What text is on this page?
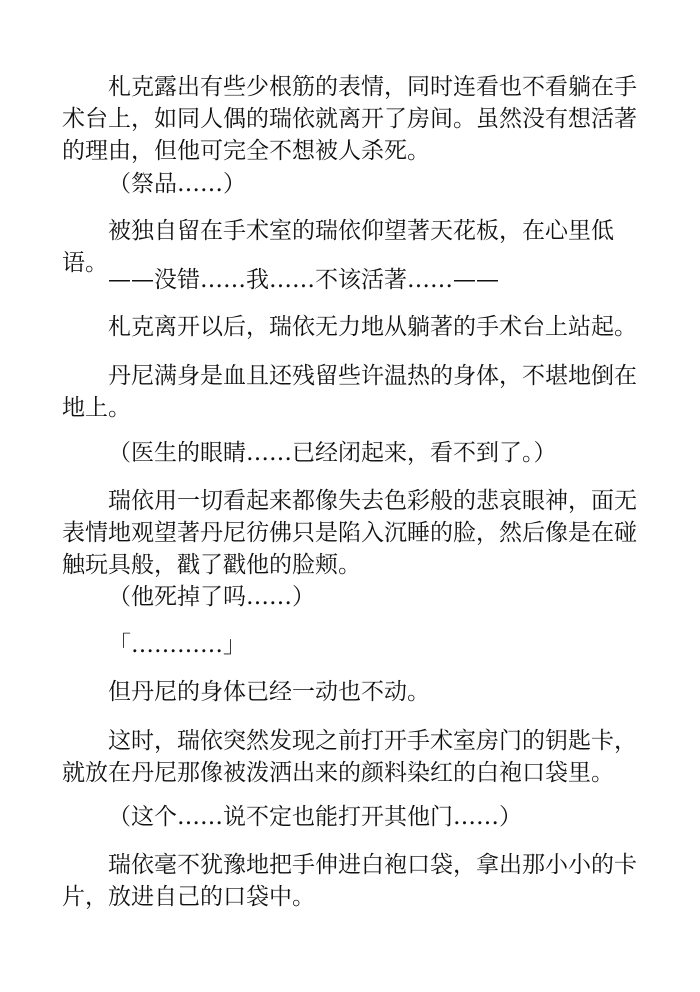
札克露出有些少根筋的表情，同时连看也不看躺在手术台上，如同人偶的瑞依就离开了房间。虽然没有想活著的理由，但他可完全不想被人杀死。

（祭品……）

被独自留在手术室的瑞依仰望著天花板，在心里低语。

——没错……我……不该活著……——

札克离开以后，瑞依无力地从躺著的手术台上站起。

丹尼满身是血且还残留些许温热的身体，不堪地倒在地上。

（医生的眼睛……已经闭起来，看不到了。）

瑞依用一切看起来都像失去色彩般的悲哀眼神，面无表情地观望著丹尼彷佛只是陷入沉睡的脸，然后像是在碰触玩具般，戳了戳他的脸颊。

（他死掉了吗……）

「…………」

但丹尼的身体已经一动也不动。

这时，瑞依突然发现之前打开手术室房门的钥匙卡，就放在丹尼那像被泼洒出来的颜料染红的白袍口袋里。

（这个……说不定也能打开其他门……）

瑞依毫不犹豫地把手伸进白袍口袋，拿出那小小的卡片，放进自己的口袋中。
